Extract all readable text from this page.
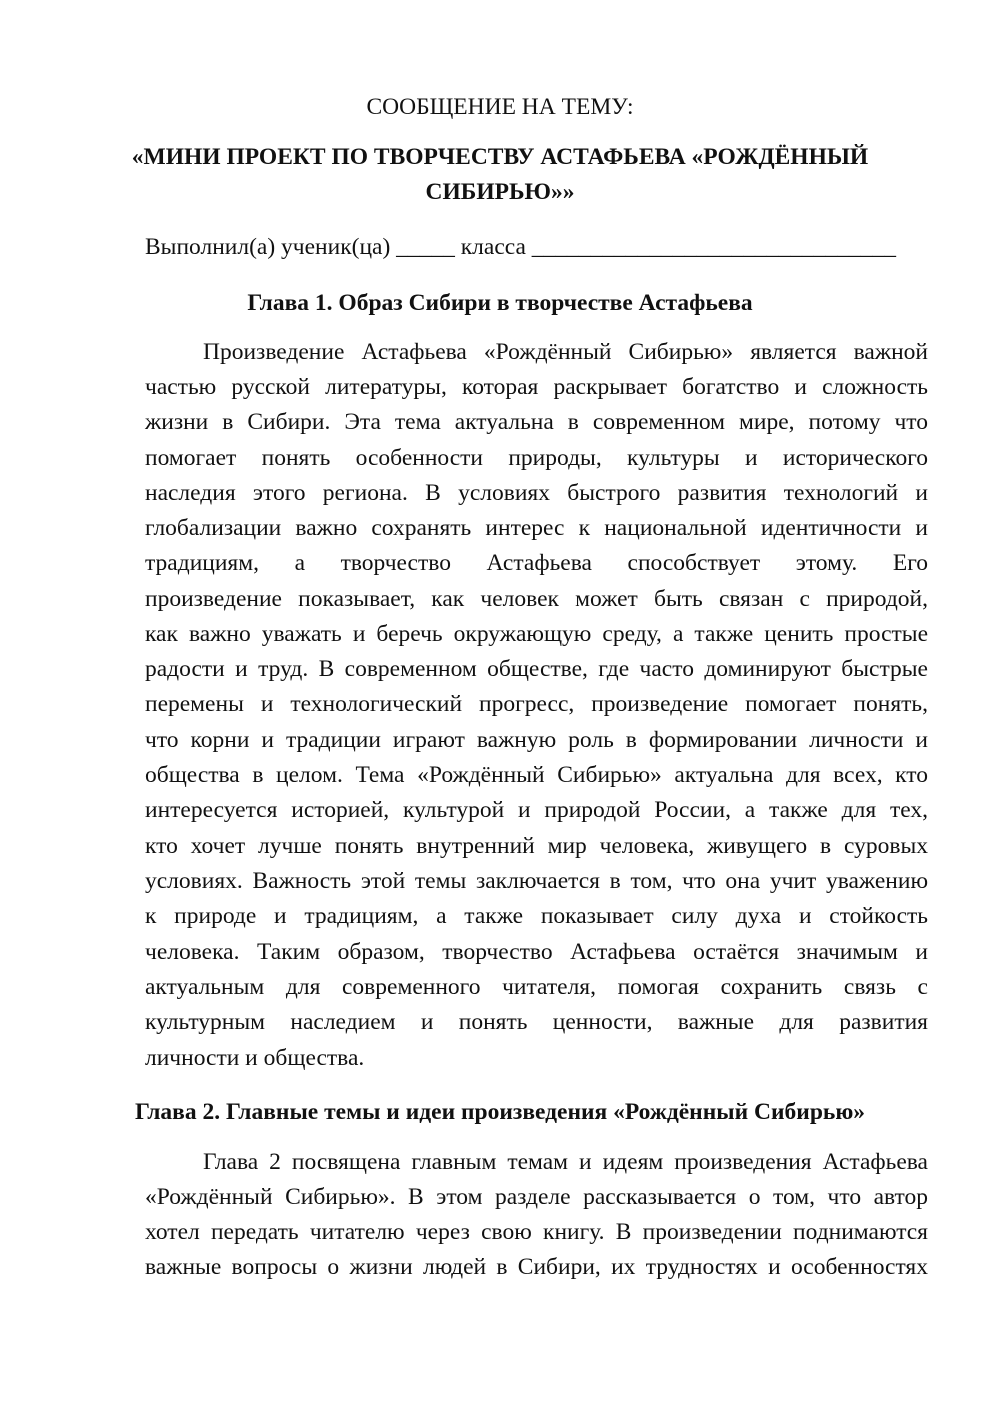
СООБЩЕНИЕ НА ТЕМУ:
«МИНИ ПРОЕКТ ПО ТВОРЧЕСТВУ АСТАФЬЕВА «РОЖДЁННЫЙ
СИБИРЬЮ»»
Выполнил(а) ученик(ца) _____ класса _______________________________
Глава 1. Образ Сибири в творчестве Астафьева
Произведение Астафьева «Рождённый Сибирью» является важной
частью русской литературы, которая раскрывает богатство и сложность
жизни в Сибири. Эта тема актуальна в современном мире, потому что
помогает понять особенности природы, культуры и исторического
наследия этого региона. В условиях быстрого развития технологий и
глобализации важно сохранять интерес к национальной идентичности и
традициям, а творчество Астафьева способствует этому. Его
произведение показывает, как человек может быть связан с природой,
как важно уважать и беречь окружающую среду, а также ценить простые
радости и труд. В современном обществе, где часто доминируют быстрые
перемены и технологический прогресс, произведение помогает понять,
что корни и традиции играют важную роль в формировании личности и
общества в целом. Тема «Рождённый Сибирью» актуальна для всех, кто
интересуется историей, культурой и природой России, а также для тех,
кто хочет лучше понять внутренний мир человека, живущего в суровых
условиях. Важность этой темы заключается в том, что она учит уважению
к природе и традициям, а также показывает силу духа и стойкость
человека. Таким образом, творчество Астафьева остаётся значимым и
актуальным для современного читателя, помогая сохранить связь с
культурным наследием и понять ценности, важные для развития
личности и общества.
Глава 2. Главные темы и идеи произведения «Рождённый Сибирью»
Глава 2 посвящена главным темам и идеям произведения Астафьева
«Рождённый Сибирью». В этом разделе рассказывается о том, что автор
хотел передать читателю через свою книгу. В произведении поднимаются
важные вопросы о жизни людей в Сибири, их трудностях и особенностях
